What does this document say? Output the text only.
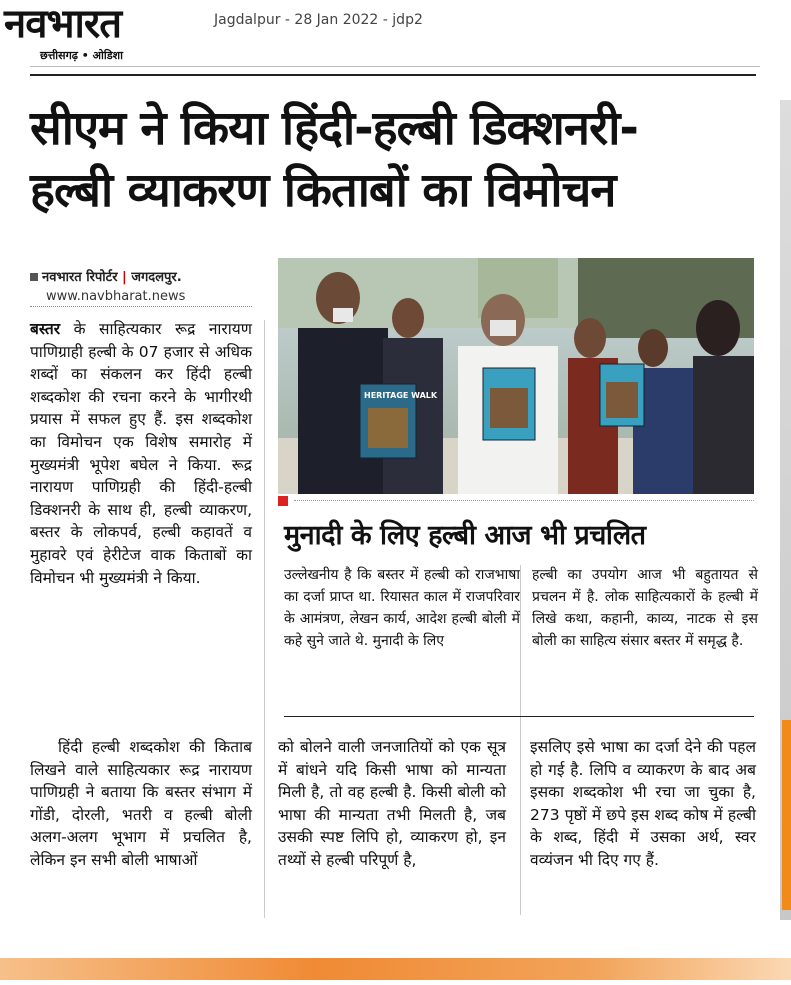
नवभारत
छत्तीसगढ़ • ओडिशा
Jagdalpur - 28 Jan 2022 - jdp2
सीएम ने किया हिंदी-हल्बी डिक्शनरी-
हल्बी व्याकरण किताबों का विमोचन
नवभारत रिपोर्टर | जगदलपुर.
www.navbharat.news
बस्तर के साहित्यकार रूद्र नारायण पाणिग्राही हल्बी के 07 हजार से अधिक शब्दों का संकलन कर हिंदी हल्बी शब्दकोश की रचना करने के भागीरथी प्रयास में सफल हुए हैं. इस शब्दकोश का विमोचन एक विशेष समारोह में मुख्यमंत्री भूपेश बघेल ने किया. रूद्र नारायण पाणिग्रही की हिंदी-हल्बी डिक्शनरी के साथ ही, हल्बी व्याकरण, बस्तर के लोकपर्व, हल्बी कहावतें व मुहावरे एवं हेरीटेज वाक किताबों का विमोचन भी मुख्यमंत्री ने किया.
हिंदी हल्बी शब्दकोश की किताब लिखने वाले साहित्यकार रूद्र नारायण पाणिग्रही ने बताया कि बस्तर संभाग में गोंडी, दोरली, भतरी व हल्बी बोली अलग-अलग भूभाग में प्रचलित है, लेकिन इन सभी बोली भाषाओं
HERITAGE WALK
मुनादी के लिए हल्बी आज भी प्रचलित
उल्लेखनीय है कि बस्तर में हल्बी को राजभाषा का दर्जा प्राप्त था. रियासत काल में राजपरिवार के आमंत्रण, लेखन कार्य, आदेश हल्बी बोली में कहे सुने जाते थे. मुनादी के लिए
हल्बी का उपयोग आज भी बहुतायत से प्रचलन में है. लोक साहित्यकारों के हल्बी में लिखे कथा, कहानी, काव्य, नाटक से इस बोली का साहित्य संसार बस्तर में समृद्ध है.
को बोलने वाली जनजातियों को एक सूत्र में बांधने यदि किसी भाषा को मान्यता मिली है, तो वह हल्बी है. किसी बोली को भाषा की मान्यता तभी मिलती है, जब उसकी स्पष्ट लिपि हो, व्याकरण हो, इन तथ्यों से हल्बी परिपूर्ण है,
इसलिए इसे भाषा का दर्जा देने की पहल हो गई है. लिपि व व्याकरण के बाद अब इसका शब्दकोश भी रचा जा चुका है, 273 पृष्ठों में छपे इस शब्द कोष में हल्बी के शब्द, हिंदी में उसका अर्थ, स्वर वव्यंजन भी दिए गए हैं.
